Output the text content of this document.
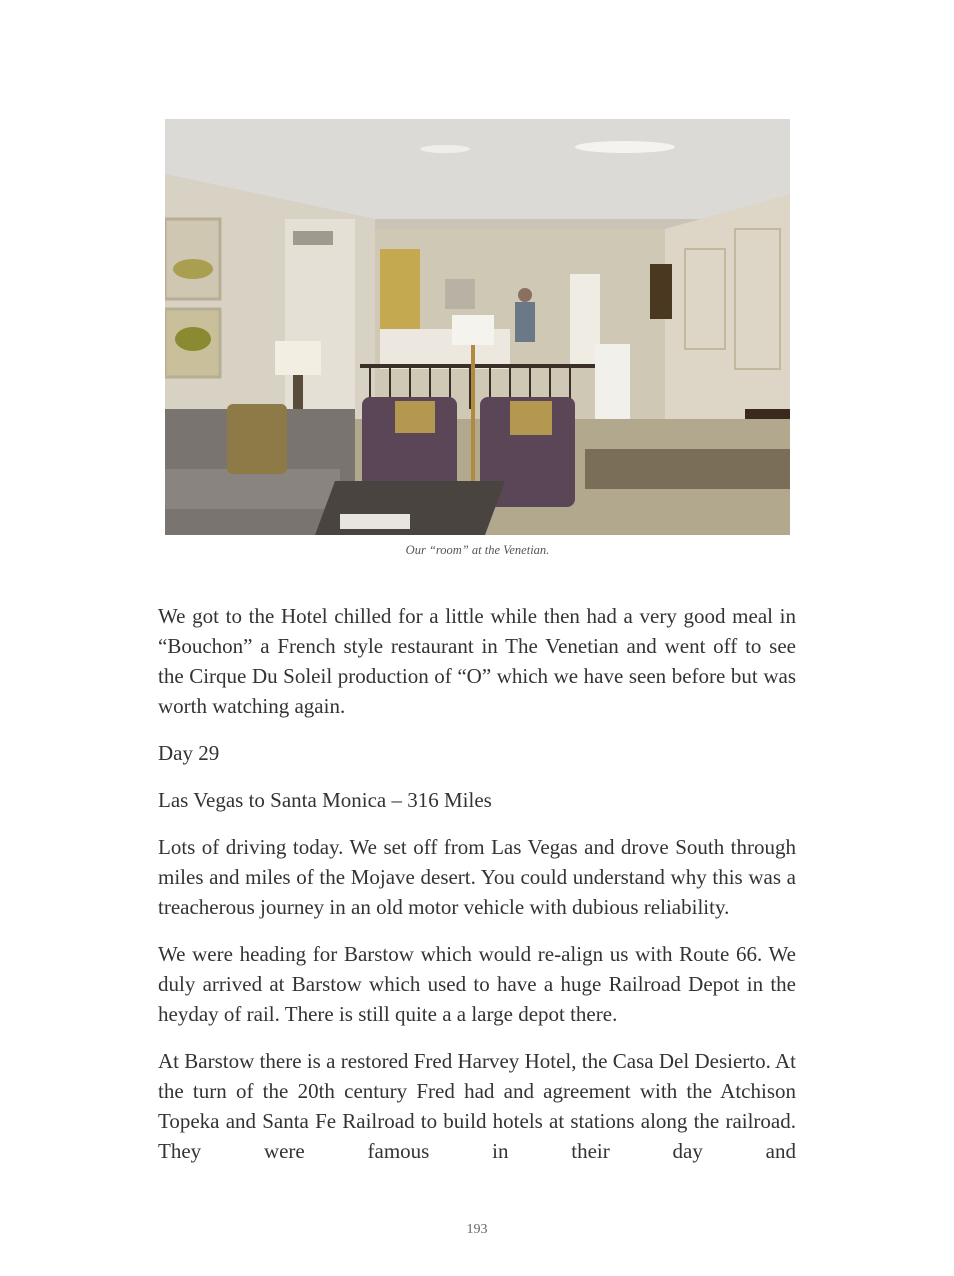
Our “room” at the Venetian.

We got to the Hotel chilled for a little while then had a very good meal in “Bouchon” a French style restaurant in The Venetian and went off to see the Cirque Du Soleil production of “O” which we have seen before but was worth watching again.

Day 29

Las Vegas to Santa Monica – 316 Miles

Lots of driving today. We set off from Las Vegas and drove South through miles and miles of the Mojave desert. You could understand why this was a treacherous journey in an old motor vehicle with dubious reliability.

We were heading for Barstow which would re-align us with Route 66. We duly arrived at Barstow which used to have a huge Railroad Depot in the heyday of rail. There is still quite a a large depot there.

At Barstow there is a restored Fred Harvey Hotel, the Casa Del Desierto. At the turn of the 20th century Fred had and agreement with the Atchison Topeka and Santa Fe Railroad to build hotels at stations along the railroad. They were famous in their day and

193
